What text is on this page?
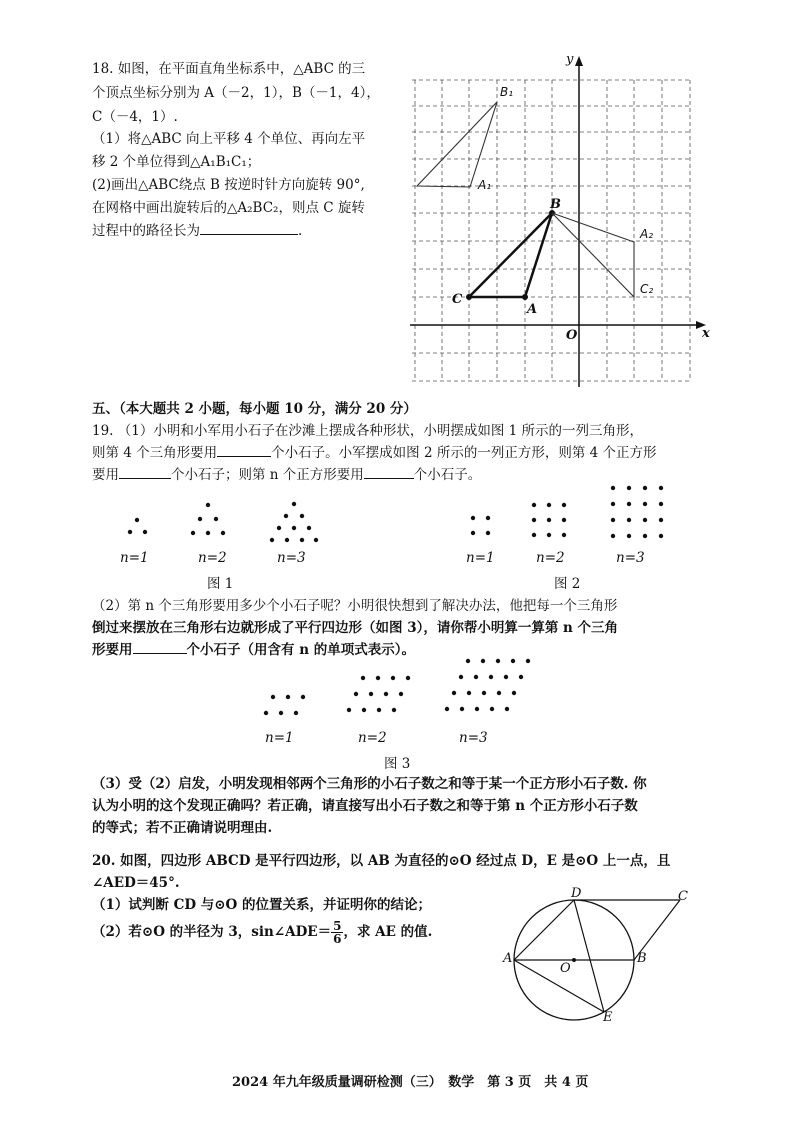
18. 如图，在平面直角坐标系中，△ABC 的三
个顶点坐标分别为 A（－2，1），B（－1，4），
C（－4，1）.
（1）将△ABC 向上平移 4 个单位、再向左平
移 2 个单位得到△A₁B₁C₁；
(2)画出△ABC绕点 B 按逆时针方向旋转 90°,
在网格中画出旋转后的△A₂BC₂，则点 C 旋转
过程中的路径长为	.
y
x
O
A
B
C
B₁
A₁
A₂
C₂
五、（本大题共 2 小题，每小题 10 分，满分 20 分）
19. （1）小明和小军用小石子在沙滩上摆成各种形状，小明摆成如图 1 所示的一列三角形，
则第 4 个三角形要用	个小石子。小军摆成如图 2 所示的一列正方形，则第 4 个正方形
要用	个小石子；则第 n 个正方形要用	个小石子。
n=1	n=2	n=3
图 1
n=1	n=2	n=3
图 2
（2）第 n 个三角形要用多少个小石子呢？小明很快想到了解决办法，他把每一个三角形
倒过来摆放在三角形右边就形成了平行四边形（如图 3），请你帮小明算一算第 n 个三角
形要用	个小石子（用含有 n 的单项式表示）。
n=1	n=2	n=3
图 3
（3）受（2）启发，小明发现相邻两个三角形的小石子数之和等于某一个正方形小石子数. 你
认为小明的这个发现正确吗？若正确，请直接写出小石子数之和等于第 n 个正方形小石子数
的等式；若不正确请说明理由.
20. 如图，四边形 ABCD 是平行四边形，以 AB 为直径的⊙O 经过点 D，E 是⊙O 上一点，且
∠AED＝45°.
（1）试判断 CD 与⊙O 的位置关系，并证明你的结论；
（2）若⊙O 的半径为 3，sin∠ADE＝ $\frac{5}{6}$ ，求 AE 的值.
A	B
C
D
E
O
2024 年九年级质量调研检测（三）　数学　第 3 页　共 4 页
